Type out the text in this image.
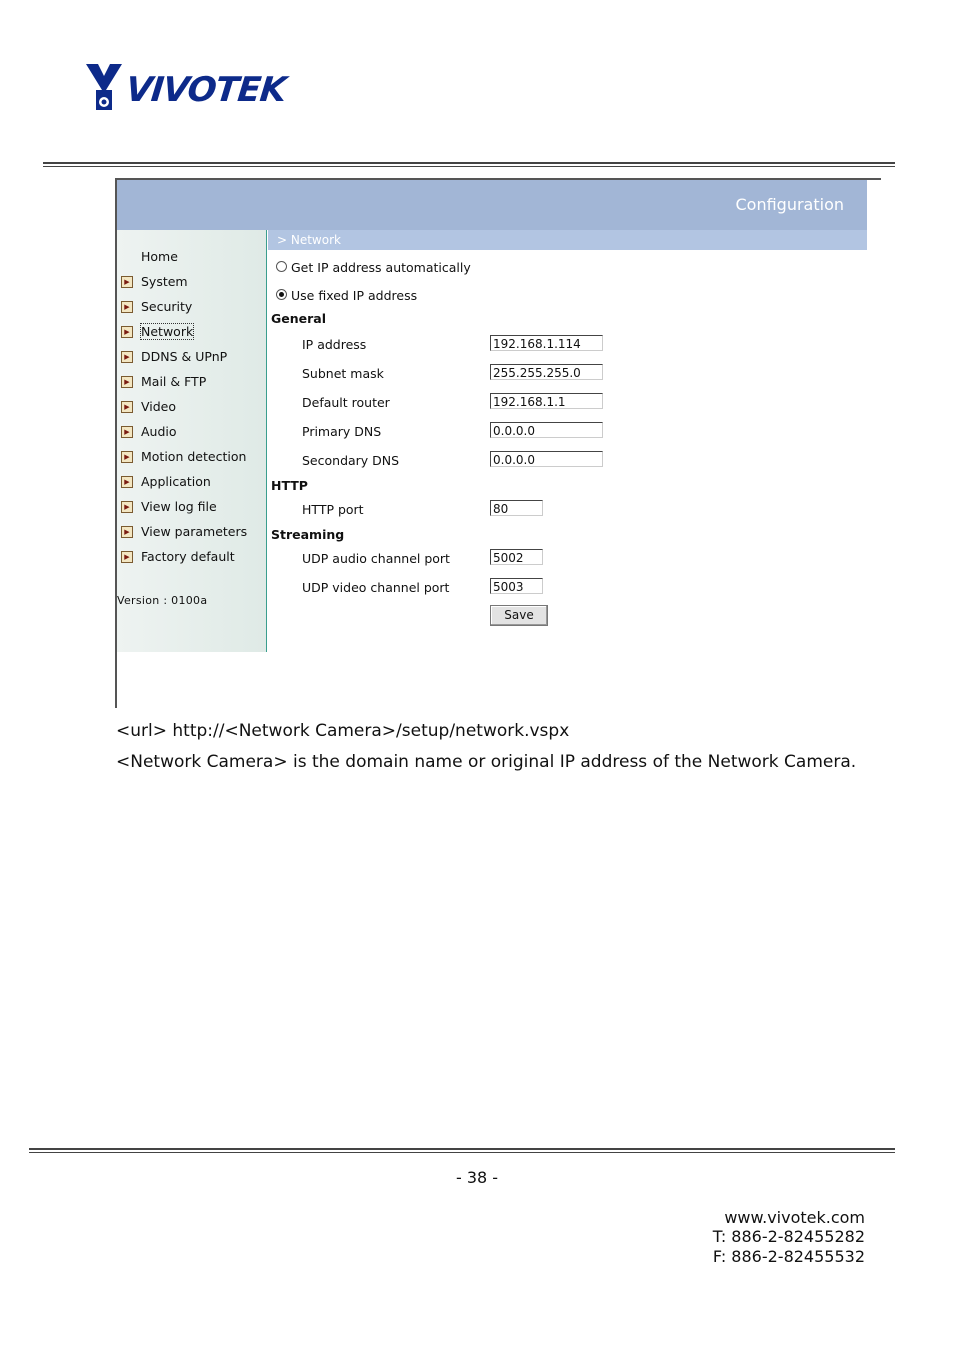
VIVOTEK
Configuration
Home
▶ System
▶ Security
▶ Network
▶ DDNS & UPnP
▶ Mail & FTP
▶ Video
▶ Audio
▶ Motion detection
▶ Application
▶ View log file
▶ View parameters
▶ Factory default
Version : 0100a
> Network
Get IP address automatically
Use fixed IP address
General
IP address	192.168.1.114
Subnet mask	255.255.255.0
Default router	192.168.1.1
Primary DNS	0.0.0.0
Secondary DNS	0.0.0.0
HTTP
HTTP port	80
Streaming
UDP audio channel port	5002
UDP video channel port	5003
Save
<url> http://<Network Camera>/setup/network.vspx
<Network Camera> is the domain name or original IP address of the Network Camera.
- 38 -
www.vivotek.com
T: 886-2-82455282
F: 886-2-82455532
